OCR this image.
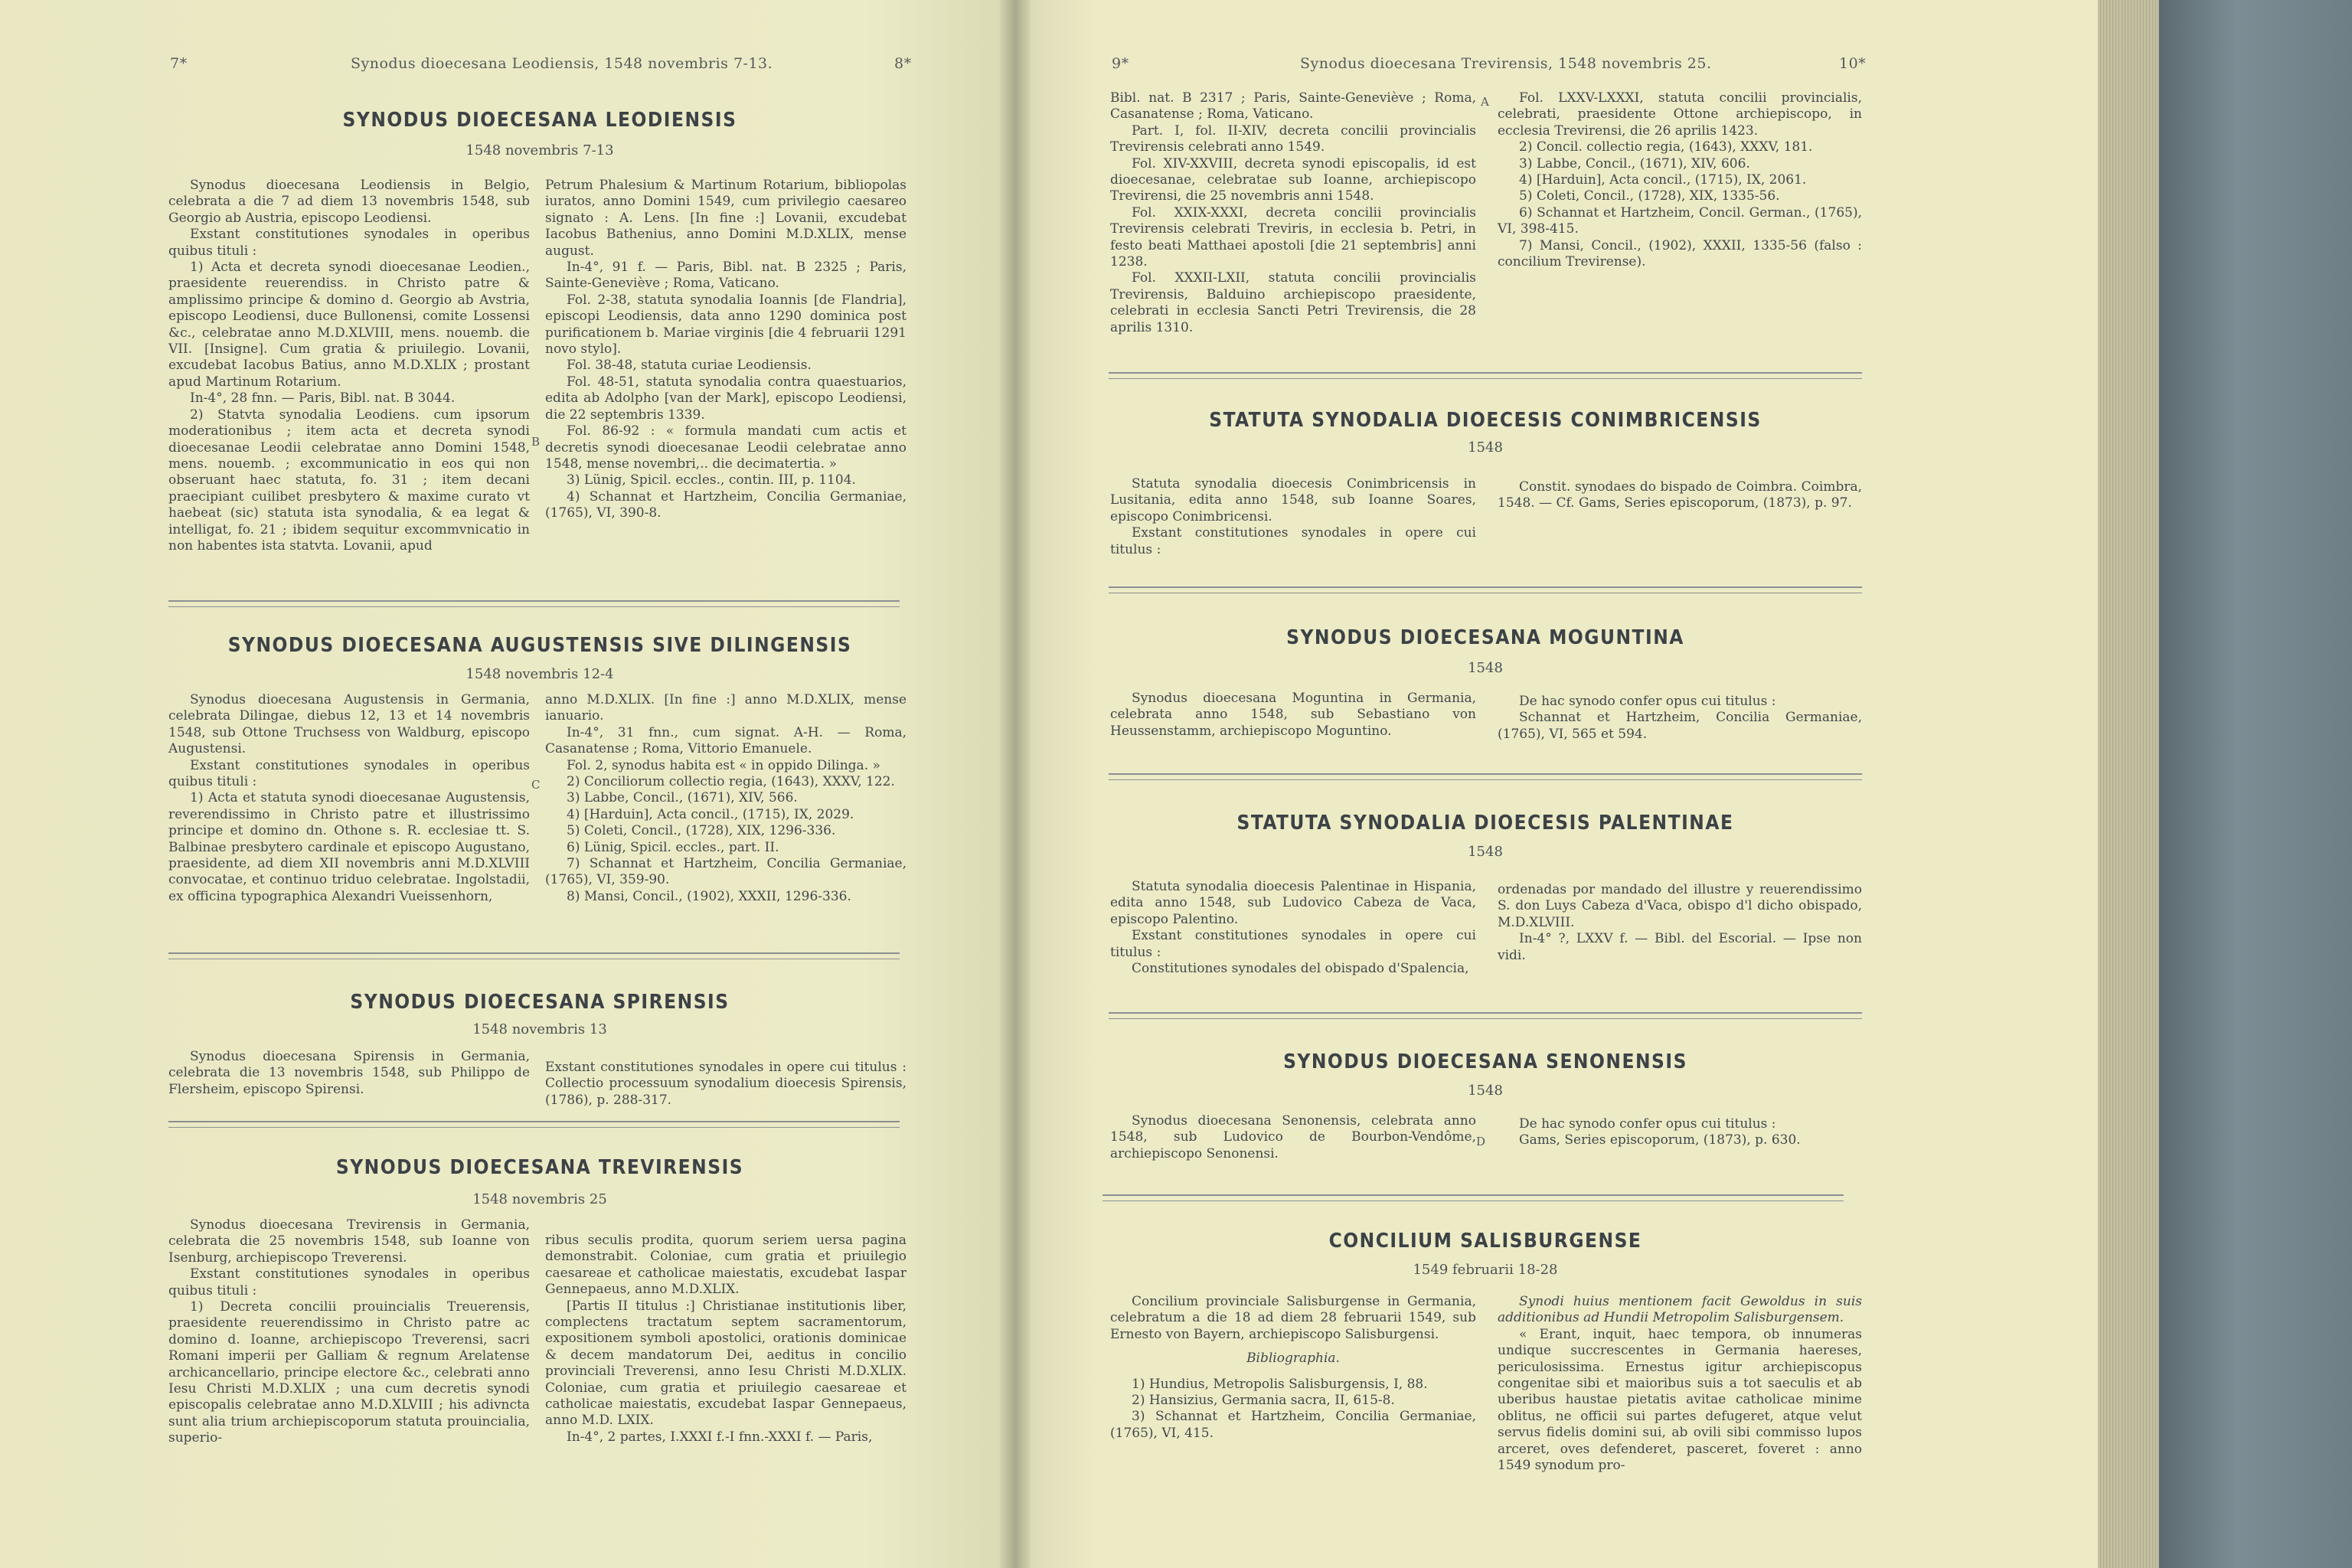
7*	Synodus dioecesana Leodiensis, 1548 novembris 7-13.	8*
SYNODUS DIOECESANA LEODIENSIS
1548 novembris 7-13

Synodus dioecesana Leodiensis in Belgio, celebrata a die 7 ad diem 13 novembris 1548, sub Georgio ab Austria, episcopo Leodiensi.

Exstant constitutiones synodales in operibus quibus tituli :

1) Acta et decreta synodi dioecesanae Leodien., praesidente reuerendiss. in Christo patre & amplissimo principe & domino d. Georgio ab Avstria, episcopo Leodiensi, duce Bullonensi, comite Lossensi &c., celebratae anno M.D.XLVIII, mens. nouemb. die VII. [Insigne]. Cum gratia & priuilegio. Lovanii, excudebat Iacobus Batius, anno M.D.XLIX ; prostant apud Martinum Rotarium.

In-4°, 28 fnn. — Paris, Bibl. nat. B 3044.

2) Statvta synodalia Leodiens. cum ipsorum moderationibus ; item acta et decreta synodi dioecesanae Leodii celebratae anno Domini 1548, mens. nouemb. ; excommunicatio in eos qui non obseruant haec statuta, fo. 31 ; item decani praecipiant cuilibet presbytero & maxime curato vt haebeat (sic) statuta ista synodalia, & ea legat & intelligat, fo. 21 ; ibidem sequitur excommvnicatio in non habentes ista statvta. Lovanii, apud

Petrum Phalesium & Martinum Rotarium, bibliopolas iuratos, anno Domini 1549, cum privilegio caesareo signato : A. Lens. [In fine :] Lovanii, excudebat Iacobus Bathenius, anno Domini M.D.XLIX, mense august.

In-4°, 91 f. — Paris, Bibl. nat. B 2325 ; Paris, Sainte-Geneviève ; Roma, Vaticano.

Fol. 2-38, statuta synodalia Ioannis [de Flandria], episcopi Leodiensis, data anno 1290 dominica post purificationem b. Mariae virginis [die 4 februarii 1291 novo stylo].

Fol. 38-48, statuta curiae Leodiensis.

Fol. 48-51, statuta synodalia contra quaestuarios, edita ab Adolpho [van der Mark], episcopo Leodiensi, die 22 septembris 1339.

Fol. 86-92 : « formula mandati cum actis et decretis synodi dioecesanae Leodii celebratae anno 1548, mense novembri,.. die decimatertia. »

3) Lünig, Spicil. eccles., contin. III, p. 1104.

4) Schannat et Hartzheim, Concilia Germaniae, (1765), VI, 390-8.

B
SYNODUS DIOECESANA AUGUSTENSIS SIVE DILINGENSIS
1548 novembris 12-4

Synodus dioecesana Augustensis in Germania, celebrata Dilingae, diebus 12, 13 et 14 novembris 1548, sub Ottone Truchsess von Waldburg, episcopo Augustensi.

Exstant constitutiones synodales in operibus quibus tituli :

1) Acta et statuta synodi dioecesanae Augustensis, reverendissimo in Christo patre et illustrissimo principe et domino dn. Othone s. R. ecclesiae tt. S. Balbinae presbytero cardinale et episcopo Augustano, praesidente, ad diem XII novembris anni M.D.XLVIII convocatae, et continuo triduo celebratae. Ingolstadii, ex officina typographica Alexandri Vueissenhorn,

anno M.D.XLIX. [In fine :] anno M.D.XLIX, mense ianuario.

In-4°, 31 fnn., cum signat. A-H. — Roma, Casanatense ; Roma, Vittorio Emanuele.

Fol. 2, synodus habita est « in oppido Dilinga. »

2) Conciliorum collectio regia, (1643), XXXV, 122.

3) Labbe, Concil., (1671), XIV, 566.

4) [Harduin], Acta concil., (1715), IX, 2029.

5) Coleti, Concil., (1728), XIX, 1296-336.

6) Lünig, Spicil. eccles., part. II.

7) Schannat et Hartzheim, Concilia Germaniae, (1765), VI, 359-90.

8) Mansi, Concil., (1902), XXXII, 1296-336.

C
SYNODUS DIOECESANA SPIRENSIS
1548 novembris 13

Synodus dioecesana Spirensis in Germania, celebrata die 13 novembris 1548, sub Philippo de Flersheim, episcopo Spirensi.

Exstant constitutiones synodales in opere cui titulus : Collectio processuum synodalium dioecesis Spirensis, (1786), p. 288-317.

SYNODUS DIOECESANA TREVIRENSIS
1548 novembris 25

Synodus dioecesana Trevirensis in Germania, celebrata die 25 novembris 1548, sub Ioanne von Isenburg, archiepiscopo Treverensi.

Exstant constitutiones synodales in operibus quibus tituli :

1) Decreta concilii prouincialis Treuerensis, praesidente reuerendissimo in Christo patre ac domino d. Ioanne, archiepiscopo Treverensi, sacri Romani imperii per Galliam & regnum Arelatense archicancellario, principe electore &c., celebrati anno Iesu Christi M.D.XLIX ; una cum decretis synodi episcopalis celebratae anno M.D.XLVIII ; his adivncta sunt alia trium archiepiscoporum statuta prouincialia, superio-

ribus seculis prodita, quorum seriem uersa pagina demonstrabit. Coloniae, cum gratia et priuilegio caesareae et catholicae maiestatis, excudebat Iaspar Gennepaeus, anno M.D.XLIX.

[Partis II titulus :] Christianae institutionis liber, complectens tractatum septem sacramentorum, expositionem symboli apostolici, orationis dominicae & decem mandatorum Dei, aeditus in concilio provinciali Treverensi, anno Iesu Christi M.D.XLIX. Coloniae, cum gratia et priuilegio caesareae et catholicae maiestatis, excudebat Iaspar Gennepaeus, anno M.D. LXIX.

In-4°, 2 partes, I.XXXI f.-I fnn.-XXXI f. — Paris,

9*	Synodus dioecesana Trevirensis, 1548 novembris 25.	10*

Bibl. nat. B 2317 ; Paris, Sainte-Geneviève ; Roma, Casanatense ; Roma, Vaticano.

Part. I, fol. II-XIV, decreta concilii provincialis Trevirensis celebrati anno 1549.

Fol. XIV-XXVIII, decreta synodi episcopalis, id est dioecesanae, celebratae sub Ioanne, archiepiscopo Trevirensi, die 25 novembris anni 1548.

Fol. XXIX-XXXI, decreta concilii provincialis Trevirensis celebrati Treviris, in ecclesia b. Petri, in festo beati Matthaei apostoli [die 21 septembris] anni 1238.

Fol. XXXII-LXII, statuta concilii provincialis Trevirensis, Balduino archiepiscopo praesidente, celebrati in ecclesia Sancti Petri Trevirensis, die 28 aprilis 1310.

A	Fol. LXXV-LXXXI, statuta concilii provincialis, celebrati, praesidente Ottone archiepiscopo, in ecclesia Trevirensi, die 26 aprilis 1423.

2) Concil. collectio regia, (1643), XXXV, 181.

3) Labbe, Concil., (1671), XIV, 606.

4) [Harduin], Acta concil., (1715), IX, 2061.

5) Coleti, Concil., (1728), XIX, 1335-56.

6) Schannat et Hartzheim, Concil. German., (1765), VI, 398-415.

7) Mansi, Concil., (1902), XXXII, 1335-56 (falso : concilium Trevirense).

STATUTA SYNODALIA DIOECESIS CONIMBRICENSIS
1548

Statuta synodalia dioecesis Conimbricensis in Lusitania, edita anno 1548, sub Ioanne Soares, episcopo Conimbricensi.

Exstant constitutiones synodales in opere cui titulus :

Constit. synodaes do bispado de Coimbra. Coimbra, 1548. — Cf. Gams, Series episcoporum, (1873), p. 97.

SYNODUS DIOECESANA MOGUNTINA
1548

Synodus dioecesana Moguntina in Germania, celebrata anno 1548, sub Sebastiano von Heussenstamm, archiepiscopo Moguntino.

De hac synodo confer opus cui titulus :

Schannat et Hartzheim, Concilia Germaniae, (1765), VI, 565 et 594.

STATUTA SYNODALIA DIOECESIS PALENTINAE
1548

Statuta synodalia dioecesis Palentinae in Hispania, edita anno 1548, sub Ludovico Cabeza de Vaca, episcopo Palentino.

Exstant constitutiones synodales in opere cui titulus :

Constitutiones synodales del obispado d'Spalencia,

ordenadas por mandado del illustre y reuerendissimo S. don Luys Cabeza d'Vaca, obispo d'l dicho obispado, M.D.XLVIII.

In-4° ?, LXXV f. — Bibl. del Escorial. — Ipse non vidi.

SYNODUS DIOECESANA SENONENSIS
1548

Synodus dioecesana Senonensis, celebrata anno 1548, sub Ludovico de Bourbon-Vendôme, archiepiscopo Senonensi.

D

De hac synodo confer opus cui titulus :

Gams, Series episcoporum, (1873), p. 630.

CONCILIUM SALISBURGENSE
1549 februarii 18-28

Concilium provinciale Salisburgense in Germania, celebratum a die 18 ad diem 28 februarii 1549, sub Ernesto von Bayern, archiepiscopo Salisburgensi.

Bibliographia.

1) Hundius, Metropolis Salisburgensis, I, 88.

2) Hansizius, Germania sacra, II, 615-8.

3) Schannat et Hartzheim, Concilia Germaniae, (1765), VI, 415.

Synodi huius mentionem facit Gewoldus in suis additionibus ad Hundii Metropolim Salisburgensem.

« Erant, inquit, haec tempora, ob innumeras undique succrescentes in Germania haereses, periculosissima. Ernestus igitur archiepiscopus congenitae sibi et maioribus suis a tot saeculis et ab uberibus haustae pietatis avitae catholicae minime oblitus, ne officii sui partes defugeret, atque velut servus fidelis domini sui, ab ovili sibi commisso lupos arceret, oves defenderet, pasceret, foveret : anno 1549 synodum pro-
